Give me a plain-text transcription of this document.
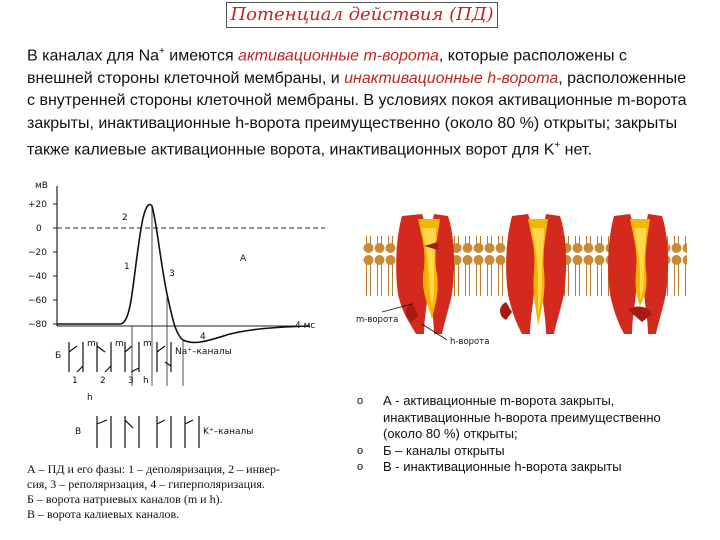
Потенциал действия (ПД)
В каналах для Na+ имеются активационные m-ворота, которые расположены с внешней стороны клеточной мембраны, и инактивационные h-ворота, расположенные с внутренней стороны клеточной мембраны. В условиях покоя активационные m-ворота закрыты, инактивационные h-ворота преимущественно (около 80 %) открыты; закрыты также калиевые активационные ворота, инактивационных ворот для K+ нет.
мВ
+20
0
−20
−40
−60
−80	4 мс
А
1
2
3
4
Б
m m m
Na⁺–каналы
1 2 3 h
h
В	K⁺–каналы
А – ПД и его фазы: 1 – деполяризация, 2 – инвер-
сия, 3 – реполяризация, 4 – гиперполяризация.
Б – ворота натриевых каналов (m и h).
В – ворота калиевых каналов.
А	Б	В
m-ворота
h-ворота
o	А - активационные m-ворота закрыты, инактивационные h-ворота преимущественно (около 80 %) открыты;
o	Б – каналы открыты
o	В - инактивационные h-ворота закрыты
